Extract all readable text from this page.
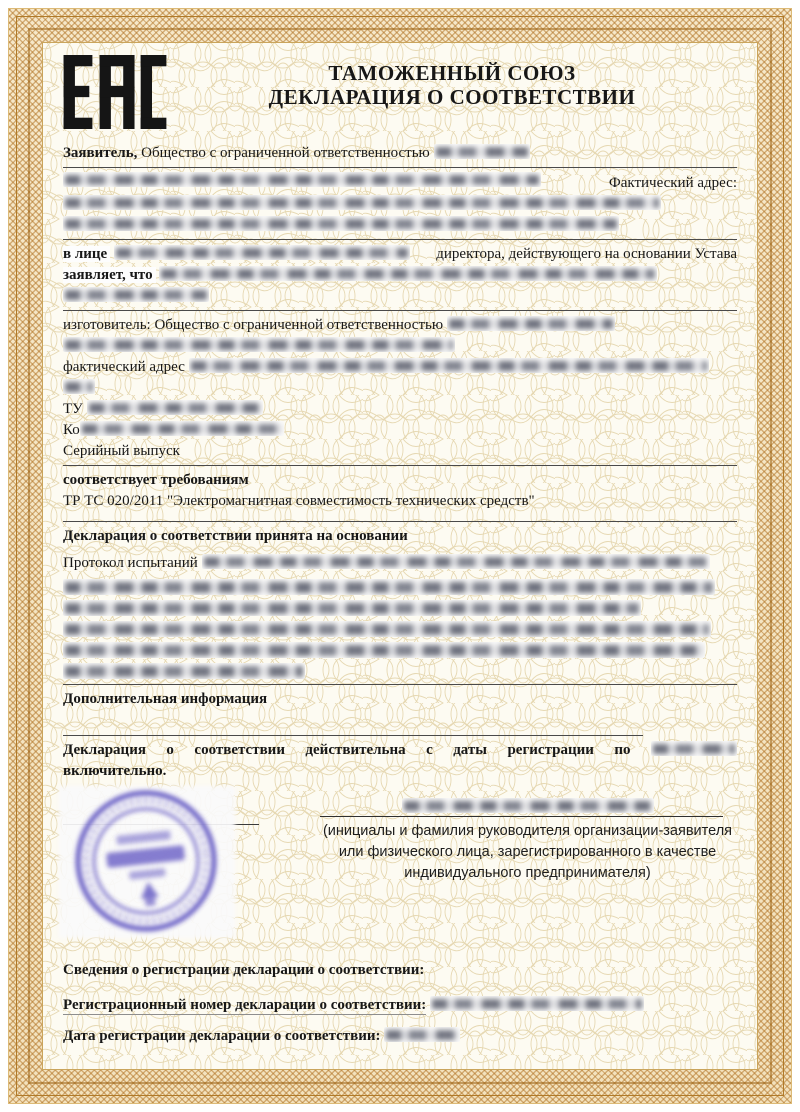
ТАМОЖЕННЫЙ СОЮЗ
ДЕКЛАРАЦИЯ О СООТВЕТСТВИИ
Заявитель, Общество с ограниченной ответственностью
Фактический адрес:
в лице	директора, действующего на основании Устава
заявляет, что
изготовитель: Общество с ограниченной ответственностью
фактический адрес
ТУ
Ко
Серийный выпуск
соответствует требованиям
ТР ТС 020/2011 "Электромагнитная совместимость технических средств"
Декларация о соответствии принята на основании
Протокол испытаний
Дополнительная информация
Декларация о соответствии действительна с даты регистрации по
включительно.
(инициалы и фамилия руководителя организации-заявителя или физического лица, зарегистрированного в качестве индивидуального предпринимателя)
Сведения о регистрации декларации о соответствии:
Регистрационный номер декларации о соответствии:
Дата регистрации декларации о соответствии:
